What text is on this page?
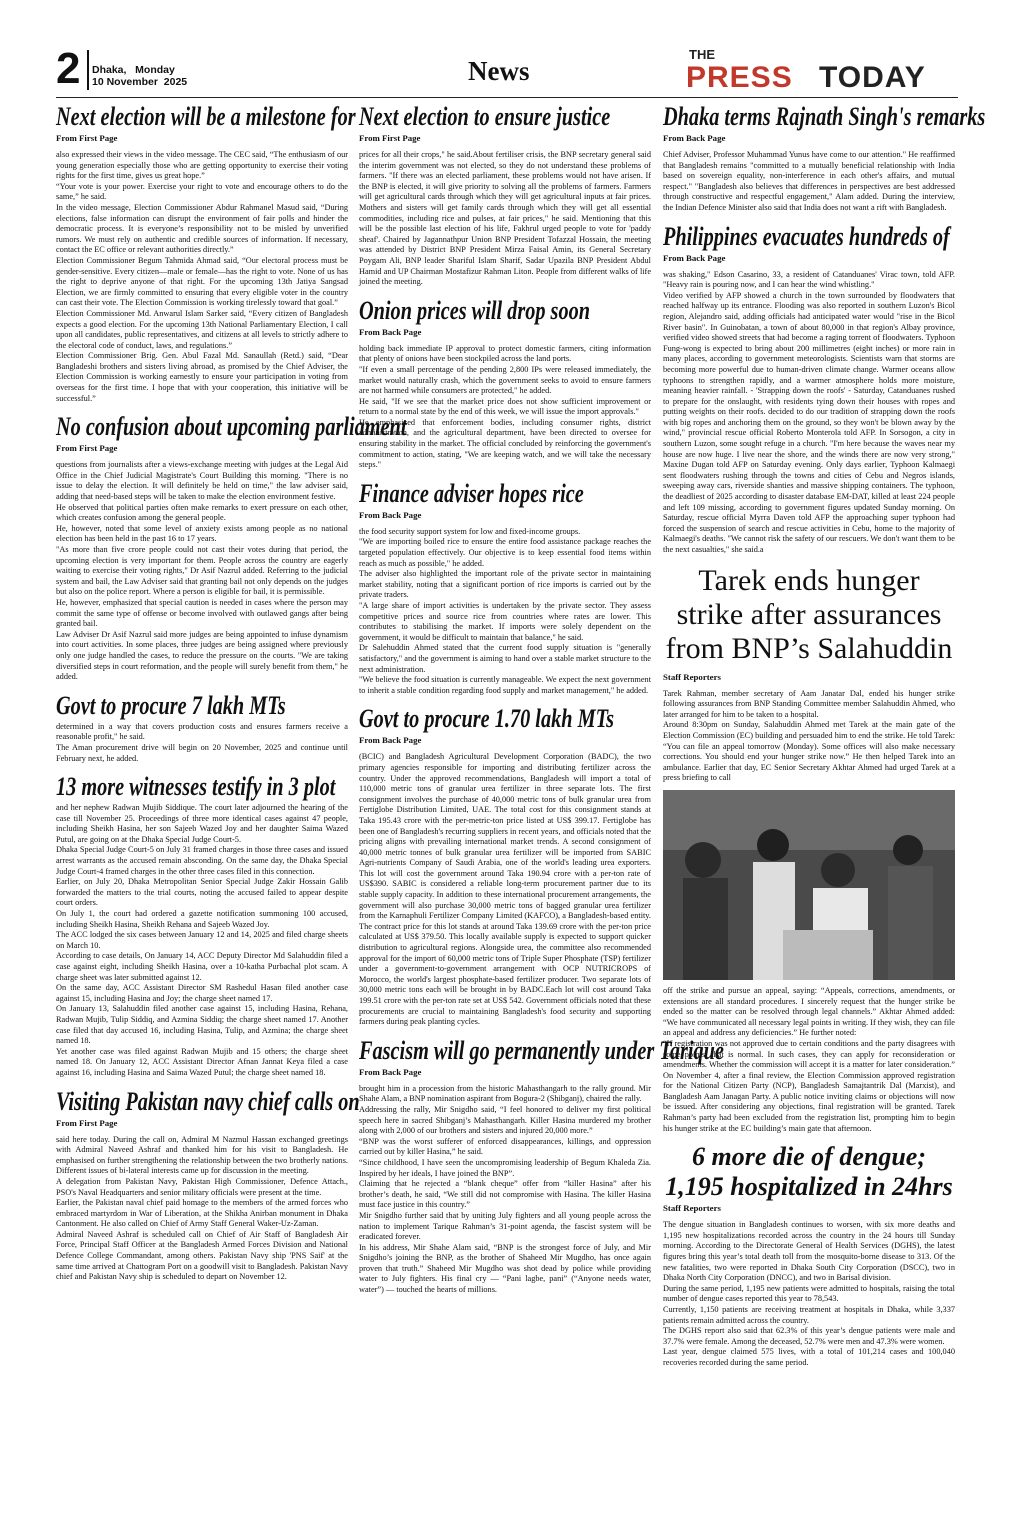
2 Dhaka,   Monday
10 November  2025	News
THE
PRESS TODAY
Next election will be a milestone for
From First Page

also expressed their views in the video message. The CEC said, “The enthusiasm of our young generation especially those who are getting opportunity to exercise their voting rights for the first time, gives us great hope.”

“Your vote is your power. Exercise your right to vote and encourage others to do the same,” he said.

In the video message, Election Commissioner Abdur Rahmanel Masud said, “During elections, false information can disrupt the environment of fair polls and hinder the democratic process. It is everyone’s responsibility not to be misled by unverified rumors. We must rely on authentic and credible sources of information. If necessary, contact the EC office or relevant authorities directly.”

Election Commissioner Begum Tahmida Ahmad said, “Our electoral process must be gender-sensitive. Every citizen—male or female—has the right to vote. None of us has the right to deprive anyone of that right. For the upcoming 13th Jatiya Sangsad Election, we are firmly committed to ensuring that every eligible voter in the country can cast their vote. The Election Commission is working tirelessly toward that goal.”

Election Commissioner Md. Anwarul Islam Sarker said, “Every citizen of Bangladesh expects a good election. For the upcoming 13th National Parliamentary Election, I call upon all candidates, public representatives, and citizens at all levels to strictly adhere to the electoral code of conduct, laws, and regulations.”

Election Commissioner Brig. Gen. Abul Fazal Md. Sanaullah (Retd.) said, “Dear Bangladeshi brothers and sisters living abroad, as promised by the Chief Adviser, the Election Commission is working earnestly to ensure your participation in voting from overseas for the first time. I hope that with your cooperation, this initiative will be successful.”

No confusion about upcoming parliament
From First Page

questions from journalists after a views-exchange meeting with judges at the Legal Aid Office in the Chief Judicial Magistrate's Court Building this morning. "There is no issue to delay the election. It will definitely be held on time," the law adviser said, adding that need-based steps will be taken to make the election environment festive.

He observed that political parties often make remarks to exert pressure on each other, which creates confusion among the general people.

He, however, noted that some level of anxiety exists among people as no national election has been held in the past 16 to 17 years.

"As more than five crore people could not cast their votes during that period, the upcoming election is very important for them. People across the country are eagerly waiting to exercise their voting rights," Dr Asif Nazrul added. Referring to the judicial system and bail, the Law Adviser said that granting bail not only depends on the judges but also on the police report. Where a person is eligible for bail, it is permissible.

He, however, emphasized that special caution is needed in cases where the person may commit the same type of offense or become involved with outlawed gangs after being granted bail.

Law Adviser Dr Asif Nazrul said more judges are being appointed to infuse dynamism into court activities. In some places, three judges are being assigned where previously only one judge handled the cases, to reduce the pressure on the courts. "We are taking diversified steps in court reformation, and the people will surely benefit from them," he added.

Govt to procure 7 lakh MTs

determined in a way that covers production costs and ensures farmers receive a reasonable profit," he said.

The Aman procurement drive will begin on 20 November, 2025 and continue until February next, he added.

13 more witnesses testify in 3 plot

and her nephew Radwan Mujib Siddique. The court later adjourned the hearing of the case till November 25. Proceedings of three more identical cases against 47 people, including Sheikh Hasina, her son Sajeeb Wazed Joy and her daughter Saima Wazed Putul, are going on at the Dhaka Special Judge Court-5.

Dhaka Special Judge Court-5 on July 31 framed charges in those three cases and issued arrest warrants as the accused remain absconding. On the same day, the Dhaka Special Judge Court-4 framed charges in the other three cases filed in this connection.

Earlier, on July 20, Dhaka Metropolitan Senior Special Judge Zakir Hossain Galib forwarded the matters to the trial courts, noting the accused failed to appear despite court orders.

On July 1, the court had ordered a gazette notification summoning 100 accused, including Sheikh Hasina, Sheikh Rehana and Sajeeb Wazed Joy.

The ACC lodged the six cases between January 12 and 14, 2025 and filed charge sheets on March 10.

According to case details, On January 14, ACC Deputy Director Md Salahuddin filed a case against eight, including Sheikh Hasina, over a 10-katha Purbachal plot scam. A charge sheet was later submitted against 12.

On the same day, ACC Assistant Director SM Rashedul Hasan filed another case against 15, including Hasina and Joy; the charge sheet named 17.

On January 13, Salahuddin filed another case against 15, including Hasina, Rehana, Radwan Mujib, Tulip Siddiq, and Azmina Siddiq; the charge sheet named 17. Another case filed that day accused 16, including Hasina, Tulip, and Azmina; the charge sheet named 18.

Yet another case was filed against Radwan Mujib and 15 others; the charge sheet named 18. On January 12, ACC Assistant Director Afnan Jannat Keya filed a case against 16, including Hasina and Saima Wazed Putul; the charge sheet named 18.

Visiting Pakistan navy chief calls on
From First Page

said here today. During the call on, Admiral M Nazmul Hassan exchanged greetings with Admiral Naveed Ashraf and thanked him for his visit to Bangladesh. He emphasised on further strengthening the relationship between the two brotherly nations. Different issues of bi-lateral interests came up for discussion in the meeting.

A delegation from Pakistan Navy, Pakistan High Commissioner, Defence Attach., PSO's Naval Headquarters and senior military officials were present at the time.

Earlier, the Pakistan naval chief paid homage to the members of the armed forces who embraced martyrdom in War of Liberation, at the Shikha Anirban monument in Dhaka Cantonment. He also called on Chief of Army Staff General Waker-Uz-Zaman.

Admiral Naveed Ashraf is scheduled call on Chief of Air Staff of Bangladesh Air Force, Principal Staff Officer at the Bangladesh Armed Forces Division and National Defence College Commandant, among others. Pakistan Navy ship 'PNS Saif' at the same time arrived at Chattogram Port on a goodwill visit to Bangladesh. Pakistan Navy chief and Pakistan Navy ship is scheduled to depart on November 12.

Next election to ensure justice
From First Page

prices for all their crops," he said.About fertiliser crisis, the BNP secretary general said the interim government was not elected, so they do not understand these problems of farmers. "If there was an elected parliament, these problems would not have arisen. If the BNP is elected, it will give priority to solving all the problems of farmers. Farmers will get agricultural cards through which they will get agricultural inputs at fair prices. Mothers and sisters will get family cards through which they will get all essential commodities, including rice and pulses, at fair prices," he said. Mentioning that this will be the possible last election of his life, Fakhrul urged people to vote for 'paddy sheaf'. Chaired by Jagannathpur Union BNP President Tofazzal Hossain, the meeting was attended by District BNP President Mirza Faisal Amin, its General Secretary Poygam Ali, BNP leader Shariful Islam Sharif, Sadar Upazila BNP President Abdul Hamid and UP Chairman Mostafizur Rahman Liton. People from different walks of life joined the meeting.

Onion prices will drop soon
From Back Page

holding back immediate IP approval to protect domestic farmers, citing information that plenty of onions have been stockpiled across the land ports.

"If even a small percentage of the pending 2,800 IPs were released immediately, the market would naturally crash, which the government seeks to avoid to ensure farmers are not harmed while consumers are protected," he added.

He said, "If we see that the market price does not show sufficient improvement or return to a normal state by the end of this week, we will issue the import approvals."

He emphasized that enforcement bodies, including consumer rights, district administration, and the agricultural department, have been directed to oversee for ensuring stability in the market. The official concluded by reinforcing the government's commitment to action, stating, "We are keeping watch, and we will take the necessary steps."

Finance adviser hopes rice
From Back Page

the food security support system for low and fixed-income groups.

"We are importing boiled rice to ensure the entire food assistance package reaches the targeted population effectively. Our objective is to keep essential food items within reach as much as possible," he added.

The adviser also highlighted the important role of the private sector in maintaining market stability, noting that a significant portion of rice imports is carried out by the private traders.

"A large share of import activities is undertaken by the private sector. They assess competitive prices and source rice from countries where rates are lower. This contributes to stabilising the market. If imports were solely dependent on the government, it would be difficult to maintain that balance," he said.

Dr Salehuddin Ahmed stated that the current food supply situation is "generally satisfactory," and the government is aiming to hand over a stable market structure to the next administration.

"We believe the food situation is currently manageable. We expect the next government to inherit a stable condition regarding food supply and market management," he added.

Govt to procure 1.70 lakh MTs
From Back Page

(BCIC) and Bangladesh Agricultural Development Corporation (BADC), the two primary agencies responsible for importing and distributing fertilizer across the country. Under the approved recommendations, Bangladesh will import a total of 110,000 metric tons of granular urea fertilizer in three separate lots. The first consignment involves the purchase of 40,000 metric tons of bulk granular urea from Fertiglobe Distribution Limited, UAE. The total cost for this consignment stands at Taka 195.43 crore with the per-metric-ton price listed at US$ 399.17. Fertiglobe has been one of Bangladesh's recurring suppliers in recent years, and officials noted that the pricing aligns with prevailing international market trends. A second consignment of 40,000 metric tonnes of bulk granular urea fertilizer will be imported from SABIC Agri-nutrients Company of Saudi Arabia, one of the world's leading urea exporters. This lot will cost the government around Taka 190.94 crore with a per-ton rate of US$390. SABIC is considered a reliable long-term procurement partner due to its stable supply capacity. In addition to these international procurement arrangements, the government will also purchase 30,000 metric tons of bagged granular urea fertilizer from the Karnaphuli Fertilizer Company Limited (KAFCO), a Bangladesh-based entity. The contract price for this lot stands at around Taka 139.69 crore with the per-ton price calculated at US$ 379.50. This locally available supply is expected to support quicker distribution to agricultural regions. Alongside urea, the committee also recommended approval for the import of 60,000 metric tons of Triple Super Phosphate (TSP) fertilizer under a government-to-government arrangement with OCP NUTRICROPS of Morocco, the world's largest phosphate-based fertilizer producer. Two separate lots of 30,000 metric tons each will be brought in by BADC.Each lot will cost around Taka 199.51 crore with the per-ton rate set at US$ 542. Government officials noted that these procurements are crucial to maintaining Bangladesh's food security and supporting farmers during peak planting cycles.

Fascism will go permanently under Tarique
From Back Page

brought him in a procession from the historic Mahasthangarh to the rally ground. Mir Shahe Alam, a BNP nomination aspirant from Bogura-2 (Shibganj), chaired the rally.

Addressing the rally, Mir Snigdho said, “I feel honored to deliver my first political speech here in sacred Shibganj’s Mahasthangarh. Killer Hasina murdered my brother along with 2,000 of our brothers and sisters and injured 20,000 more.”

“BNP was the worst sufferer of enforced disappearances, killings, and oppression carried out by killer Hasina,” he said.

“Since childhood, I have seen the uncompromising leadership of Begum Khaleda Zia. Inspired by her ideals, I have joined the BNP”.

Claiming that he rejected a “blank cheque” offer from “killer Hasina” after his brother’s death, he said, “We still did not compromise with Hasina. The killer Hasina must face justice in this country.”

Mir Snigdho further said that by uniting July fighters and all young people across the nation to implement Tarique Rahman’s 31-point agenda, the fascist system will be eradicated forever.

In his address, Mir Shahe Alam said, “BNP is the strongest force of July, and Mir Snigdho’s joining the BNP, as the brother of Shaheed Mir Mugdho, has once again proven that truth.” Shaheed Mir Mugdho was shot dead by police while providing water to July fighters. His final cry — “Pani lagbe, pani” (“Anyone needs water, water”) — touched the hearts of millions.

Dhaka terms Rajnath Singh's remarks
From Back Page

Chief Adviser, Professor Muhammad Yunus have come to our attention." He reaffirmed that Bangladesh remains "committed to a mutually beneficial relationship with India based on sovereign equality, non-interference in each other's affairs, and mutual respect." "Bangladesh also believes that differences in perspectives are best addressed through constructive and respectful engagement," Alam added. During the interview, the Indian Defence Minister also said that India does not want a rift with Bangladesh.

Philippines evacuates hundreds of
From Back Page

was shaking," Edson Casarino, 33, a resident of Catanduanes' Virac town, told AFP. "Heavy rain is pouring now, and I can hear the wind whistling."

Video verified by AFP showed a church in the town surrounded by floodwaters that reached halfway up its entrance. Flooding was also reported in southern Luzon's Bicol region, Alejandro said, adding officials had anticipated water would "rise in the Bicol River basin". In Guinobatan, a town of about 80,000 in that region's Albay province, verified video showed streets that had become a raging torrent of floodwaters. Typhoon Fung-wong is expected to bring about 200 millimetres (eight inches) or more rain in many places, according to government meteorologists. Scientists warn that storms are becoming more powerful due to human-driven climate change. Warmer oceans allow typhoons to strengthen rapidly, and a warmer atmosphere holds more moisture, meaning heavier rainfall. - 'Strapping down the roofs' - Saturday, Catanduanes rushed to prepare for the onslaught, with residents tying down their houses with ropes and putting weights on their roofs. decided to do our tradition of strapping down the roofs with big ropes and anchoring them on the ground, so they won't be blown away by the wind," provincial rescue official Roberto Monterola told AFP. In Sorsogon, a city in southern Luzon, some sought refuge in a church. "I'm here because the waves near my house are now huge. I live near the shore, and the winds there are now very strong," Maxine Dugan told AFP on Saturday evening. Only days earlier, Typhoon Kalmaegi sent floodwaters rushing through the towns and cities of Cebu and Negros islands, sweeping away cars, riverside shanties and massive shipping containers. The typhoon, the deadliest of 2025 according to disaster database EM-DAT, killed at least 224 people and left 109 missing, according to government figures updated Sunday morning. On Saturday, rescue official Myrra Daven told AFP the approaching super typhoon had forced the suspension of search and rescue activities in Cebu, home to the majority of Kalmaegi's deaths. "We cannot risk the safety of our rescuers. We don't want them to be the next casualties," she said.a

Tarek ends hunger strike after assurances from BNP’s Salahuddin
Staff Reporters

Tarek Rahman, member secretary of Aam Janatar Dal, ended his hunger strike following assurances from BNP Standing Committee member Salahuddin Ahmed, who later arranged for him to be taken to a hospital.

Around 8:30pm on Sunday, Salahuddin Ahmed met Tarek at the main gate of the Election Commission (EC) building and persuaded him to end the strike. He told Tarek: “You can file an appeal tomorrow (Monday). Some offices will also make necessary corrections. You should end your hunger strike now.” He then helped Tarek into an ambulance. Earlier that day, EC Senior Secretary Akhtar Ahmed had urged Tarek at a press briefing to call

off the strike and pursue an appeal, saying: “Appeals, corrections, amendments, or extensions are all standard procedures. I sincerely request that the hunger strike be ended so the matter can be resolved through legal channels.” Akhtar Ahmed added: “We have communicated all necessary legal points in writing. If they wish, they can file an appeal and address any deficiencies.” He further noted:

“If registration was not approved due to certain conditions and the party disagrees with some points, that is normal. In such cases, they can apply for reconsideration or amendments. Whether the commission will accept it is a matter for later consideration.” On November 4, after a final review, the Election Commission approved registration for the National Citizen Party (NCP), Bangladesh Samajtantrik Dal (Marxist), and Bangladesh Aam Janagan Party. A public notice inviting claims or objections will now be issued. After considering any objections, final registration will be granted. Tarek Rahman’s party had been excluded from the registration list, prompting him to begin his hunger strike at the EC building’s main gate that afternoon.

6 more die of dengue; 1,195 hospitalized in 24hrs
Staff Reporters

The dengue situation in Bangladesh continues to worsen, with six more deaths and 1,195 new hospitalizations recorded across the country in the 24 hours till Sunday morning. According to the Directorate General of Health Services (DGHS), the latest figures bring this year’s total death toll from the mosquito-borne disease to 313. Of the new fatalities, two were reported in Dhaka South City Corporation (DSCC), two in Dhaka North City Corporation (DNCC), and two in Barisal division.

During the same period, 1,195 new patients were admitted to hospitals, raising the total number of dengue cases reported this year to 78,543.

Currently, 1,150 patients are receiving treatment at hospitals in Dhaka, while 3,337 patients remain admitted across the country.

The DGHS report also said that 62.3% of this year’s dengue patients were male and 37.7% were female. Among the deceased, 52.7% were men and 47.3% were women.

Last year, dengue claimed 575 lives, with a total of 101,214 cases and 100,040 recoveries recorded during the same period.
